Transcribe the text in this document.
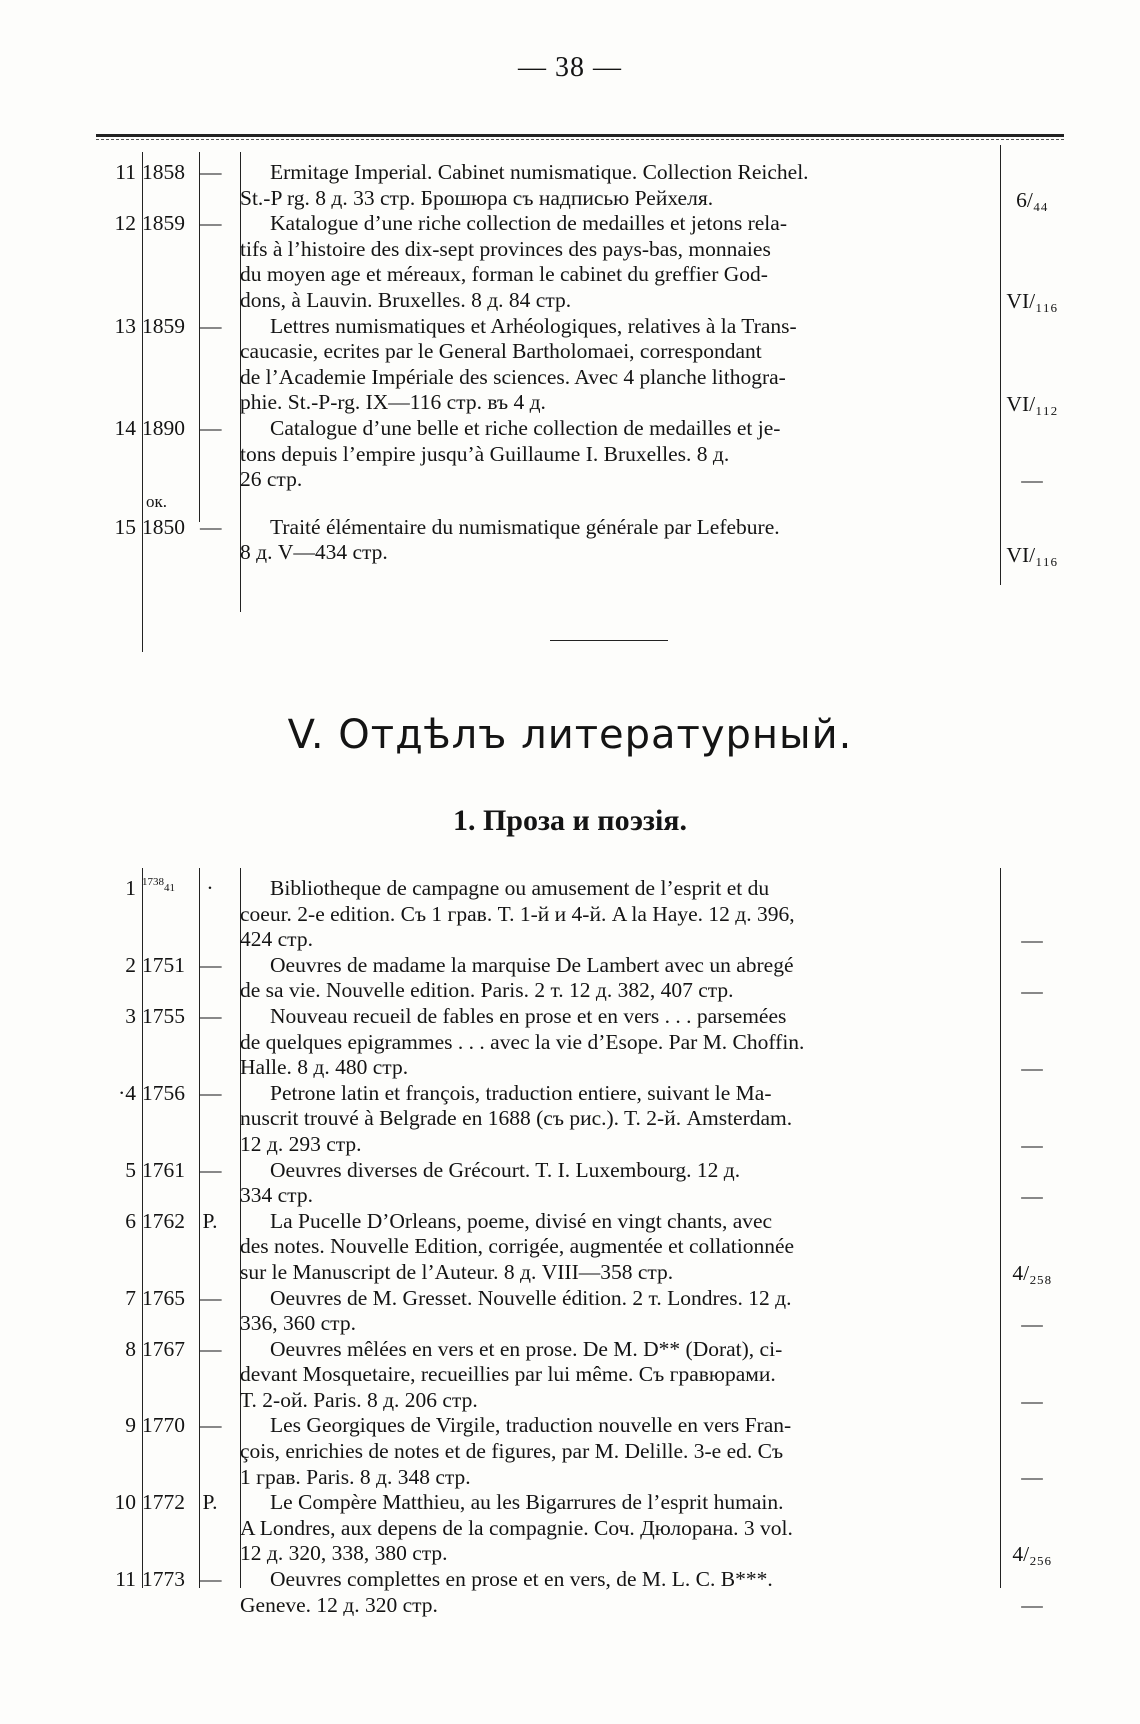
— 38 —
11 1858 —
6/₄₄
Ermitage Imperial. Cabinet numismatique. Collection Reichel.
St.-P rg. 8 д. 33 стр. Брошюра съ надписью Рейхеля.
12 1859 —
VI/₁₁₆
Katalogue d’une riche collection de medailles et jetons rela-
tifs à l’histoire des dix-sept provinces des pays-bas, monnaies
du moyen age et méreaux, forman le cabinet du greffier God-
dons, à Lauvin. Bruxelles. 8 д. 84 стр.
13 1859 —
VI/₁₁₂
Lettres numismatiques et Arhéologiques, relatives à la Trans-
caucasie, ecrites par le General Bartholomaei, correspondant
de l’Academie Impériale des sciences. Avec 4 planche lithogra-
phie. St.-P-rg. IX—116 стр. въ 4 д.
14 1890 —
—
Catalogue d’une belle et riche collection de medailles et je-
tons depuis l’empire jusqu’à Guillaume I. Bruxelles. 8 д.
26 стр.
ок.
15 1850 —
VI/₁₁₆
Traité élémentaire du numismatique générale par Lefebure.
8 д. V—434 стр.
V. Отдѣлъ литературный.
1. Проза и поэзія.
1 $^{1738}$41	·
—
Bibliotheque de campagne ou amusement de l’esprit et du
coeur. 2-е edition. Съ 1 грав. T. 1-й и 4-й. A la Haye. 12 д. 396,
424 стр.
2 1751 —
—
Oeuvres de madame la marquise De Lambert avec un abregé
de sa vie. Nouvelle edition. Paris. 2 т. 12 д. 382, 407 стр.
3 1755 —
—
Nouveau recueil de fables en prose et en vers . . . parsemées
de quelques epigrammes . . . avec la vie d’Esope. Par M. Choffin.
Halle. 8 д. 480 стр.
·4 1756 —
—
Petrone latin et françois, traduction entiere, suivant le Ma-
nuscrit trouvé à Belgrade en 1688 (съ рис.). T. 2-й. Amsterdam.
12 д. 293 стр.
5 1761 —
—
Oeuvres diverses de Grécourt. T. I. Luxembourg. 12 д.
334 стр.
6 1762 P.
4/₂₅₈
La Pucelle D’Orleans, poeme, divisé en vingt chants, avec
des notes. Nouvelle Edition, corrigée, augmentée et collationnée
sur le Manuscript de l’Auteur. 8 д. VIII—358 стр.
7 1765 —
—
Oeuvres de M. Gresset. Nouvelle édition. 2 т. Londres. 12 д.
336, 360 стр.
8 1767 —
—
Oeuvres mêlées en vers et en prose. De M. D** (Dorat), ci-
devant Mosquetaire, recueillies par lui même. Съ гравюрами.
T. 2-ой. Paris. 8 д. 206 стр.
9 1770 —
—
Les Georgiques de Virgile, traduction nouvelle en vers Fran-
çois, enrichies de notes et de figures, par M. Delille. 3-е ed. Съ
1 грав. Paris. 8 д. 348 стр.
10 1772 P.
4/₂₅₆
Le Compère Matthieu, au les Bigarrures de l’esprit humain.
A Londres, aux depens de la compagnie. Соч. Дюлорана. 3 vol.
12 д. 320, 338, 380 стр.
11 1773 —
—
Oeuvres complettes en prose et en vers, de M. L. C. B***.
Geneve. 12 д. 320 стр.
